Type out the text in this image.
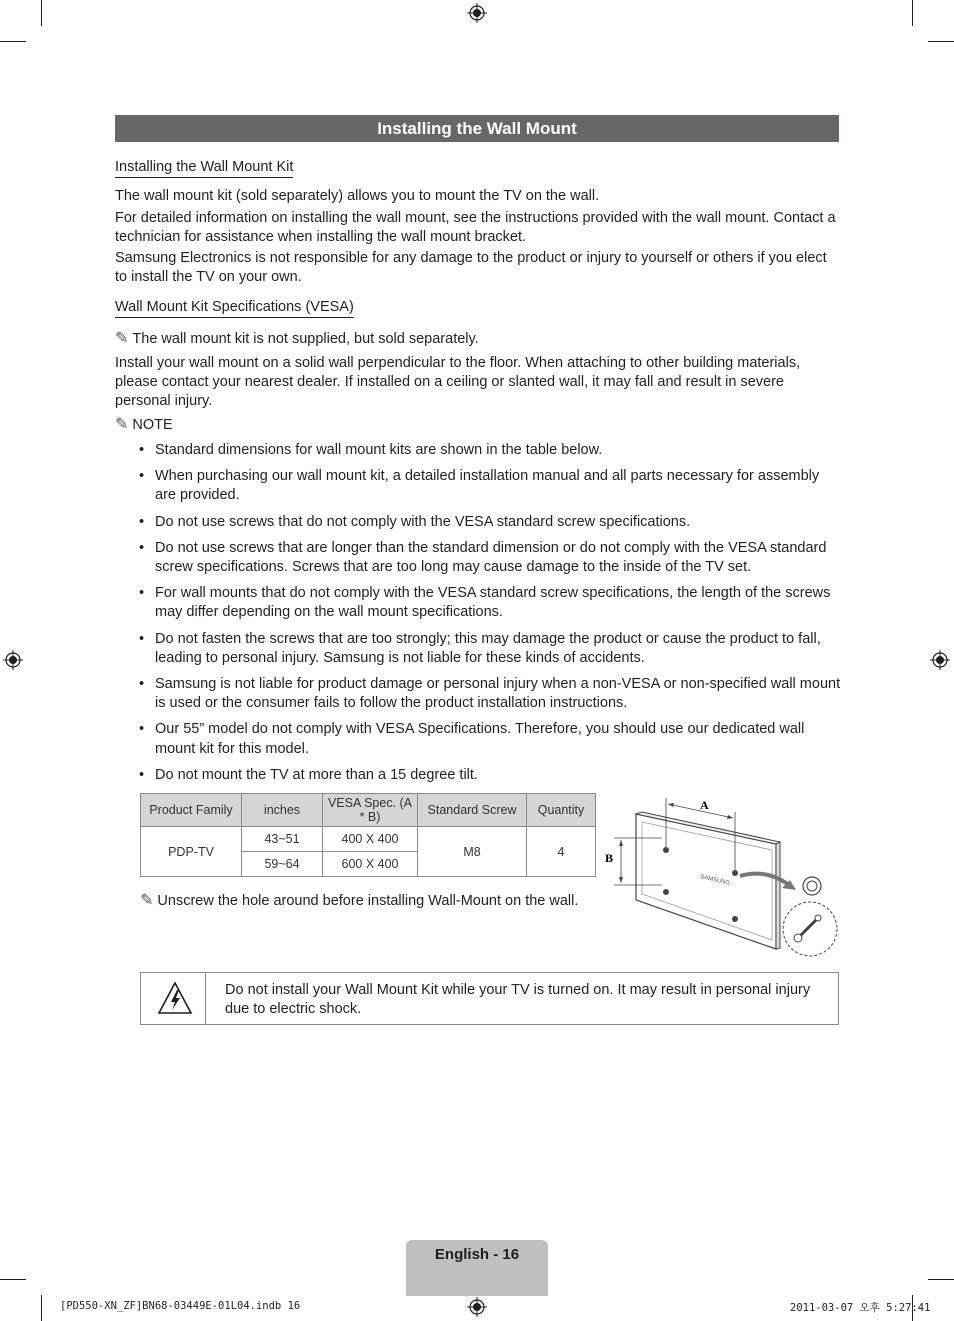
Installing the Wall Mount
Installing the Wall Mount Kit

The wall mount kit (sold separately) allows you to mount the TV on the wall.

For detailed information on installing the wall mount, see the instructions provided with the wall mount. Contact a technician for assistance when installing the wall mount bracket.

Samsung Electronics is not responsible for any damage to the product or injury to yourself or others if you elect to install the TV on your own.

Wall Mount Kit Specifications (VESA)
✎ The wall mount kit is not supplied, but sold separately.

Install your wall mount on a solid wall perpendicular to the floor. When attaching to other building materials, please contact your nearest dealer. If installed on a ceiling or slanted wall, it may fall and result in severe personal injury.

✎ NOTE
• Standard dimensions for wall mount kits are shown in the table below.
• When purchasing our wall mount kit, a detailed installation manual and all parts necessary for assembly are provided.
• Do not use screws that do not comply with the VESA standard screw specifications.
• Do not use screws that are longer than the standard dimension or do not comply with the VESA standard screw specifications. Screws that are too long may cause damage to the inside of the TV set.
• For wall mounts that do not comply with the VESA standard screw specifications, the length of the screws may differ depending on the wall mount specifications.
• Do not fasten the screws that are too strongly; this may damage the product or cause the product to fall, leading to personal injury. Samsung is not liable for these kinds of accidents.
• Samsung is not liable for product damage or personal injury when a non-VESA or non-specified wall mount is used or the consumer fails to follow the product installation instructions.
• Our 55” model do not comply with VESA Specifications. Therefore, you should use our dedicated wall mount kit for this model.
• Do not mount the TV at more than a 15 degree tilt.
Product Family	inches	VESA Spec. (A * B)	Standard Screw	Quantity
PDP-TV	43~51	400 X 400	M8	4
	59~64	600 X 400		
✎ Unscrew the hole around before installing Wall-Mount on the wall.
SAMSUNG
A
B
Do not install your Wall Mount Kit while your TV is turned on. It may result in personal injury due to electric shock.
English - 16
[PD550-XN_ZF]BN68-03449E-01L04.indb 16	2011-03-07 오후 5:27:41
